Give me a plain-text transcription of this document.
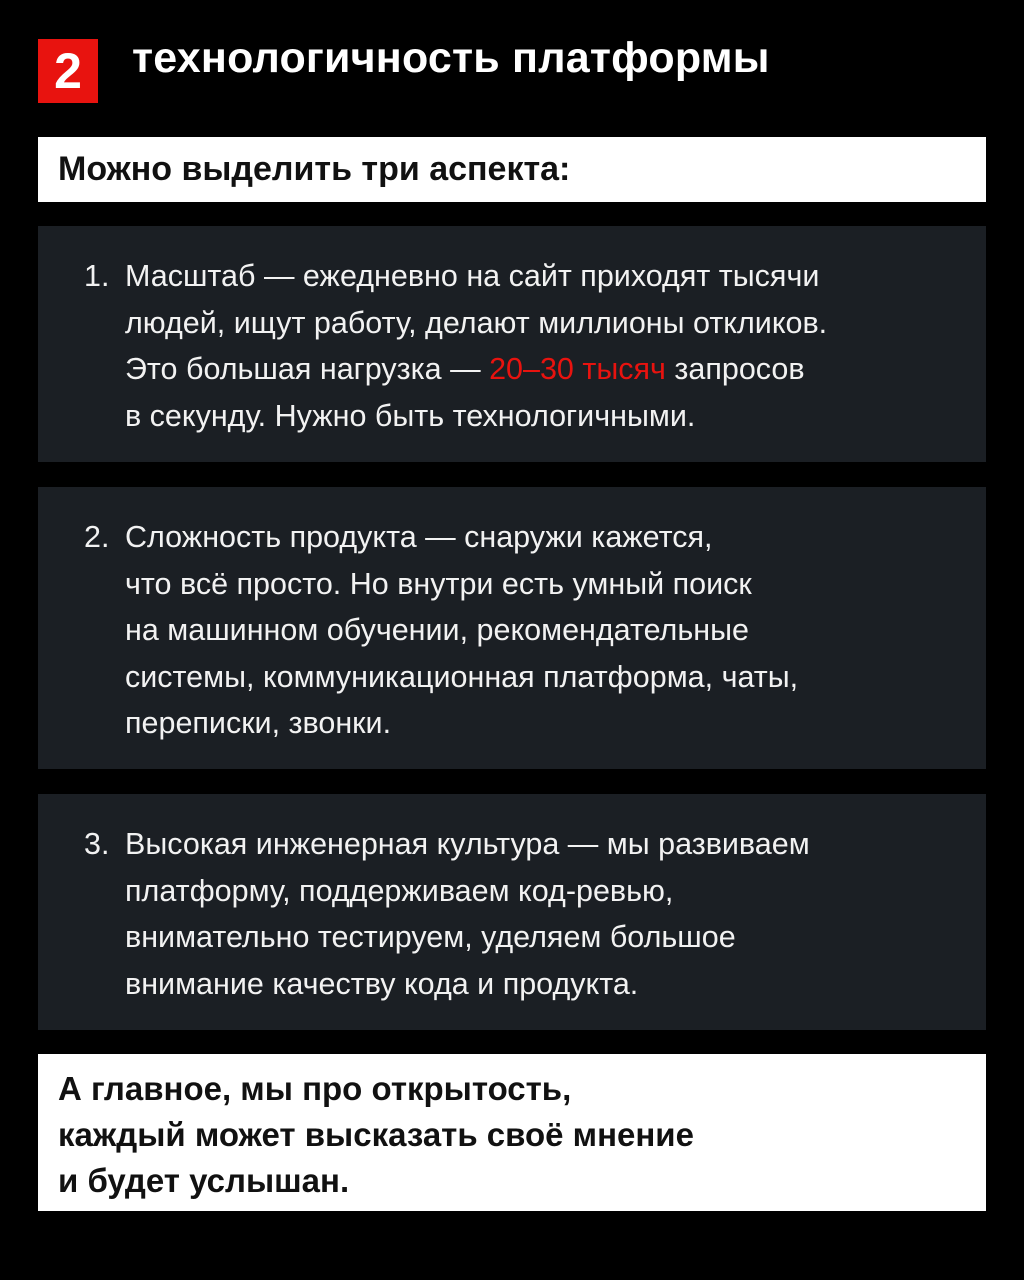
2	технологичность платформы
Можно выделить три аспекта:
1. Масштаб — ежедневно на сайт приходят тысячи
людей, ищут работу, делают миллионы откликов.
Это большая нагрузка — 20–30 тысяч запросов
в секунду. Нужно быть технологичными.
2. Сложность продукта — снаружи кажется,
что всё просто. Но внутри есть умный поиск
на машинном обучении, рекомендательные
системы, коммуникационная платформа, чаты,
переписки, звонки.
3. Высокая инженерная культура — мы развиваем
платформу, поддерживаем код-ревью,
внимательно тестируем, уделяем большое
внимание качеству кода и продукта.
А главное, мы про открытость,
каждый может высказать своё мнение
и будет услышан.
